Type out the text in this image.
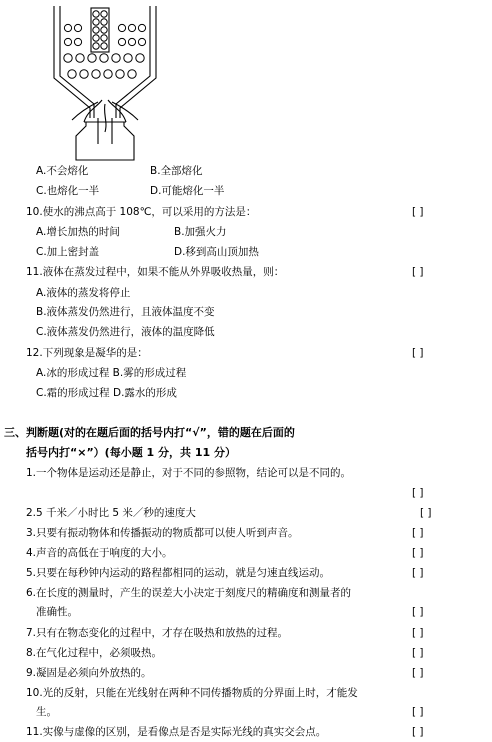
A.不会熔化	B.全部熔化
C.也熔化一半	D.可能熔化一半
10.使水的沸点高于 108℃，可以采用的方法是：	[ ]
A.增长加热的时间	B.加强火力
C.加上密封盖	D.移到高山顶加热
11.液体在蒸发过程中，如果不能从外界吸收热量，则：	[ ]
A.液体的蒸发将停止
B.液体蒸发仍然进行，且液体温度不变
C.液体蒸发仍然进行，液体的温度降低
12.下列现象是凝华的是：	[ ]
A.冰的形成过程 B.雾的形成过程
C.霜的形成过程 D.露水的形成
三、判断题(对的在题后面的括号内打“√”，错的题在后面的
括号内打“×”）(每小题 1 分，共 11 分）
1.一个物体是运动还是静止，对于不同的参照物，结论可以是不同的。
[ ]
2.5 千米／小时比 5 米／秒的速度大	[ ]
3.只要有振动物体和传播振动的物质都可以使人听到声音。	[ ]
4.声音的高低在于响度的大小。	[ ]
5.只要在每秒钟内运动的路程都相同的运动，就是匀速直线运动。	[ ]
6.在长度的测量时，产生的误差大小决定于刻度尺的精确度和测量者的
准确性。	[ ]
7.只有在物态变化的过程中，才存在吸热和放热的过程。	[ ]
8.在气化过程中，必须吸热。	[ ]
9.凝固是必须向外放热的。	[ ]
10.光的反射，只能在光线射在两种不同传播物质的分界面上时，才能发
生。	[ ]
11.实像与虚像的区别，是看像点是否是实际光线的真实交会点。	[ ]
